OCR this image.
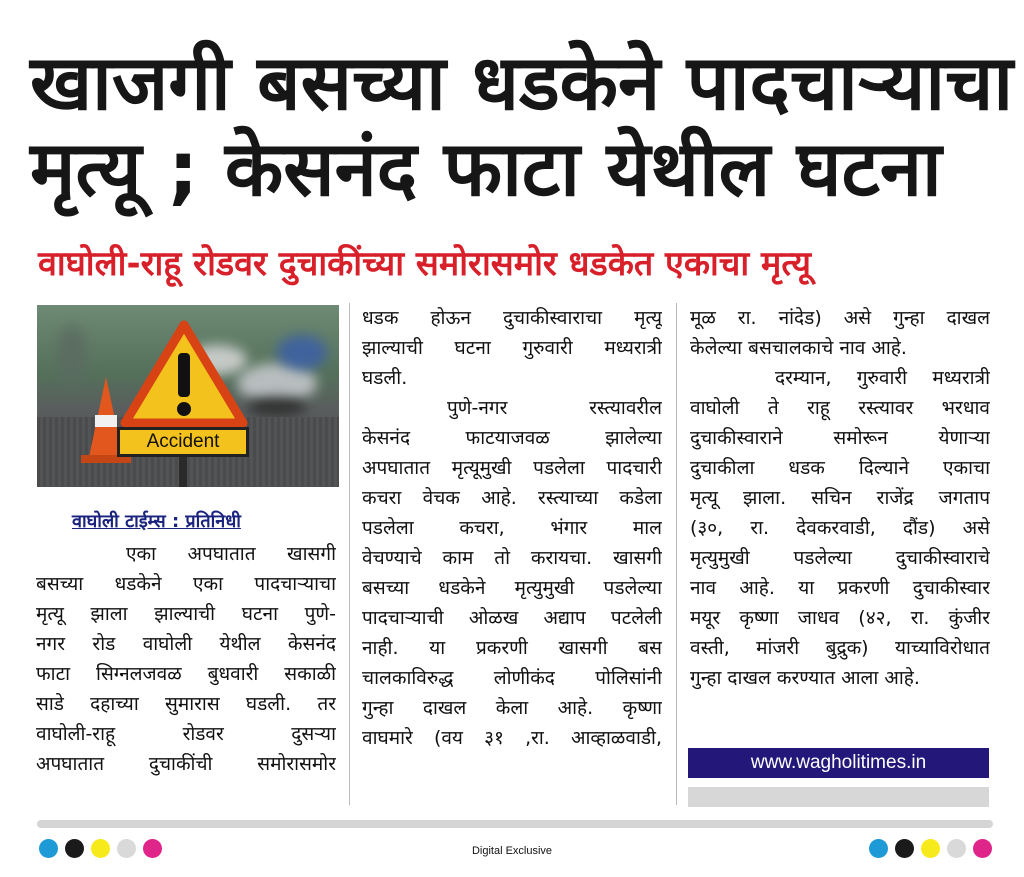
खाजगी बसच्या धडकेने पादचाऱ्याचा
मृत्यू ; केसनंद फाटा येथील घटना
वाघोली-राहू रोडवर दुचाकींच्या समोरासमोर धडकेत एकाचा मृत्यू
Accident
वाघोली टाईम्स : प्रतिनिधी
एका अपघातात खासगी
बसच्या धडकेने एका पादचाऱ्याचा
मृत्यू झाला झाल्याची घटना पुणे-
नगर रोड वाघोली येथील केसनंद
फाटा सिग्नलजवळ बुधवारी सकाळी
साडे दहाच्या सुमारास घडली. तर
वाघोली-राहू रोडवर दुसऱ्या
अपघातात दुचाकींची समोरासमोर
धडक होऊन दुचाकीस्वाराचा मृत्यू
झाल्याची घटना गुरुवारी मध्यरात्री
घडली.
पुणे-नगर रस्त्यावरील
केसनंद फाटयाजवळ झालेल्या
अपघातात मृत्यूमुखी पडलेला पादचारी
कचरा वेचक आहे. रस्त्याच्या कडेला
पडलेला कचरा, भंगार माल
वेचण्याचे काम तो करायचा. खासगी
बसच्या धडकेने मृत्युमुखी पडलेल्या
पादचाऱ्याची ओळख अद्याप पटलेली
नाही. या प्रकरणी खासगी बस
चालकाविरुद्ध लोणीकंद पोलिसांनी
गुन्हा दाखल केला आहे. कृष्णा
वाघमारे (वय ३१ ,रा. आव्हाळवाडी,
मूळ रा. नांदेड) असे गुन्हा दाखल
केलेल्या बसचालकाचे नाव आहे.
दरम्यान, गुरुवारी मध्यरात्री
वाघोली ते राहू रस्त्यावर भरधाव
दुचाकीस्वाराने समोरून येणाऱ्या
दुचाकीला धडक दिल्याने एकाचा
मृत्यू झाला. सचिन राजेंद्र जगताप
(३०, रा. देवकरवाडी, दौंड) असे
मृत्युमुखी पडलेल्या दुचाकीस्वाराचे
नाव आहे. या प्रकरणी दुचाकीस्वार
मयूर कृष्णा जाधव (४२, रा. कुंजीर
वस्ती, मांजरी बुद्रुक) याच्याविरोधात
गुन्हा दाखल करण्यात आला आहे.
www.wagholitimes.in
Digital Exclusive
